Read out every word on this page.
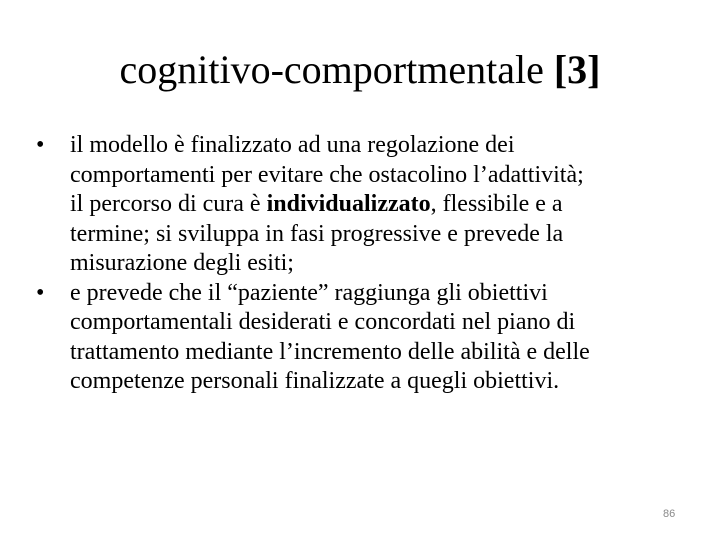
cognitivo-comportmentale [3]
•	il modello è finalizzato ad una regolazione dei
comportamenti per evitare che ostacolino l’adattività;
il percorso di cura è individualizzato, flessibile e a
termine; si sviluppa in fasi progressive e prevede la
misurazione degli esiti;
•	e prevede che il “paziente” raggiunga gli obiettivi
comportamentali desiderati e concordati nel piano di
trattamento mediante l’incremento delle abilità e delle
competenze personali finalizzate a quegli obiettivi.
86
